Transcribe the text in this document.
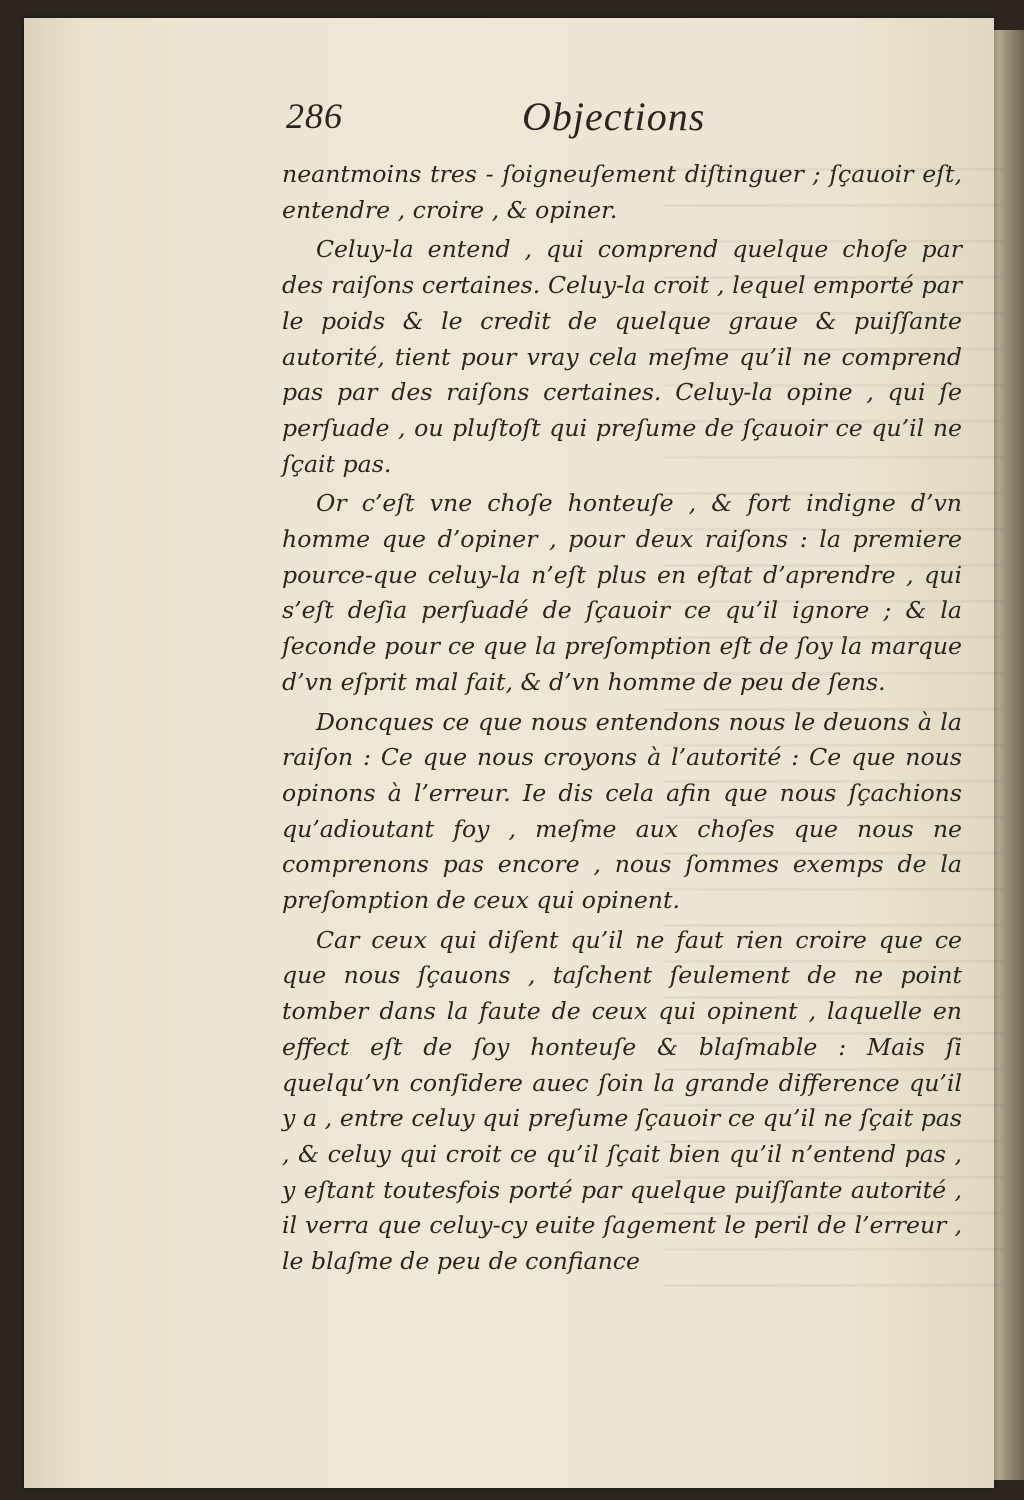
286	Objections

neantmoins tres - ſoigneuſement diſtinguer ; ſçauoir eſt, entendre , croire , & opiner.

Celuy-la entend , qui comprend quelque choſe par des raiſons certaines. Celuy-la croit , lequel emporté par le poids & le credit de quelque graue & puiſſante autorité, tient pour vray cela meſme qu’il ne comprend pas par des raiſons certaines. Celuy-la opine , qui ſe perſuade , ou pluſtoſt qui preſume de ſçauoir ce qu’il ne ſçait pas.

Or c’eſt vne choſe honteuſe , & fort indigne d’vn homme que d’opiner , pour deux raiſons : la premiere pource-que celuy-la n’eſt plus en eſtat d’aprendre , qui s’eſt deſia perſuadé de ſçauoir ce qu’il ignore ; & la ſeconde pour ce que la preſomption eſt de ſoy la marque d’vn eſprit mal fait, & d’vn homme de peu de ſens.

Doncques ce que nous entendons nous le deuons à la raiſon : Ce que nous croyons à l’autorité : Ce que nous opinons à l’erreur. Ie dis cela afin que nous ſçachions qu’adioutant foy , meſme aux choſes que nous ne comprenons pas encore , nous ſommes exemps de la preſomption de ceux qui opinent.

Car ceux qui diſent qu’il ne faut rien croire que ce que nous ſçauons , taſchent ſeulement de ne point tomber dans la faute de ceux qui opinent , laquelle en effect eſt de ſoy honteuſe & blaſmable : Mais ſi quelqu’vn conſidere auec ſoin la grande difference qu’il y a , entre celuy qui preſume ſçauoir ce qu’il ne ſçait pas , & celuy qui croit ce qu’il ſçait bien qu’il n’entend pas , y eſtant toutesfois porté par quelque puiſſante autorité , il verra que celuy-cy euite ſagement le peril de l’erreur , le blaſme de peu de confiance
